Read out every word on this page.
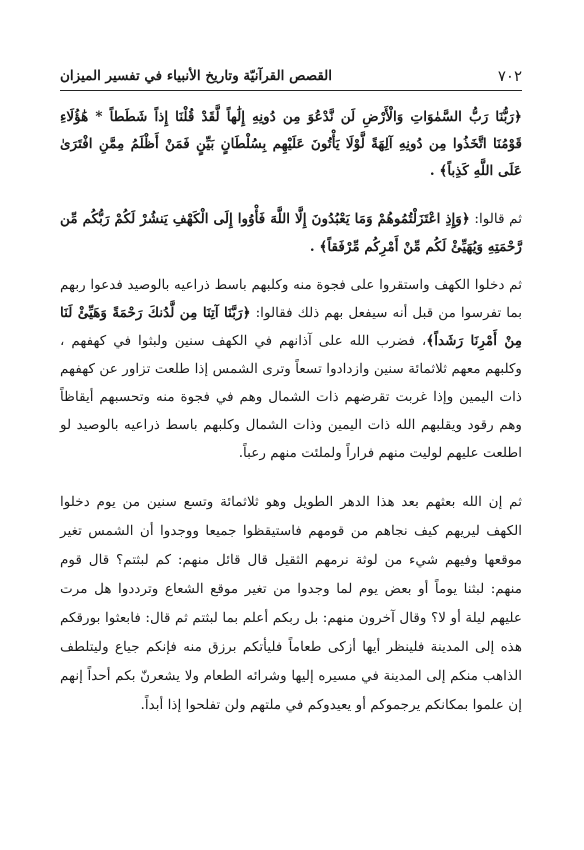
٧٠٢
القصص القرآنيّة وتاريخ الأنبياء في تفسير الميزان

﴿رَبُّنَا رَبُّ السَّمٰوَاتِ وَالْأَرْضِ لَن نَّدْعُوَ مِن دُونِهِ إِلَٰهاً لَّقَدْ قُلْنَا إِذاً شَطَطاً * هَٰؤُلَاءِ قَوْمُنَا اتَّخَذُوا مِن دُونِهِ آلِهَةً لَّوْلَا يَأْتُونَ عَلَيْهِم بِسُلْطَانٍ بَيِّنٍ فَمَنْ أَظْلَمُ مِمَّنِ افْتَرَىٰ عَلَى اللَّهِ كَذِباً﴾ .

ثم قالوا: ﴿وَإِذِ اعْتَزَلْتُمُوهُمْ وَمَا يَعْبُدُونَ إِلَّا اللَّهَ فَأْوُوا إِلَى الْكَهْفِ يَنشُرْ لَكُمْ رَبُّكُم مِّن رَّحْمَتِهِ وَيُهَيِّئْ لَكُم مِّنْ أَمْرِكُم مِّرْفَقاً﴾ .

ثم دخلوا الكهف واستقروا على فجوة منه وكلبهم باسط ذراعيه بالوصيد فدعوا ربهم بما تفرسوا من قبل أنه سيفعل بهم ذلك فقالوا: ﴿رَبَّنَا آتِنَا مِن لَّدُنكَ رَحْمَةً وَهَيِّئْ لَنَا مِنْ أَمْرِنَا رَشَداً﴾، فضرب الله على آذانهم في الكهف سنين ولبثوا في كهفهم ، وكلبهم معهم ثلاثمائة سنين وازدادوا تسعاً وترى الشمس إذا طلعت تزاور عن كهفهم ذات اليمين وإذا غربت تقرضهم ذات الشمال وهم في فجوة منه وتحسبهم أيقاظاً وهم رقود ويقلبهم الله ذات اليمين وذات الشمال وكلبهم باسط ذراعيه بالوصيد لو اطلعت عليهم لوليت منهم فراراً ولملئت منهم رعباً.

ثم إن الله بعثهم بعد هذا الدهر الطويل وهو ثلاثمائة وتسع سنين من يوم دخلوا الكهف ليريهم كيف نجاهم من قومهم فاستيقظوا جميعا ووجدوا أن الشمس تغير موقعها وفيهم شيء من لوثة نرمهم الثقيل قال قائل منهم: كم لبثتم؟ قال قوم منهم: لبثنا يوماً أو بعض يوم لما وجدوا من تغير موقع الشعاع وترددوا هل مرت عليهم ليلة أو لا؟ وقال آخرون منهم: بل ربكم أعلم بما لبثتم ثم قال: فابعثوا بورقكم هذه إلى المدينة فلينظر أيها أزكى طعاماً فليأتكم برزق منه فإنكم جياع وليتلطف الذاهب منكم إلى المدينة في مسيره إليها وشرائه الطعام ولا يشعرنّ بكم أحداً إنهم إن علموا بمكانكم يرجموكم أو يعيدوكم في ملتهم ولن تفلحوا إذا أبداً.
